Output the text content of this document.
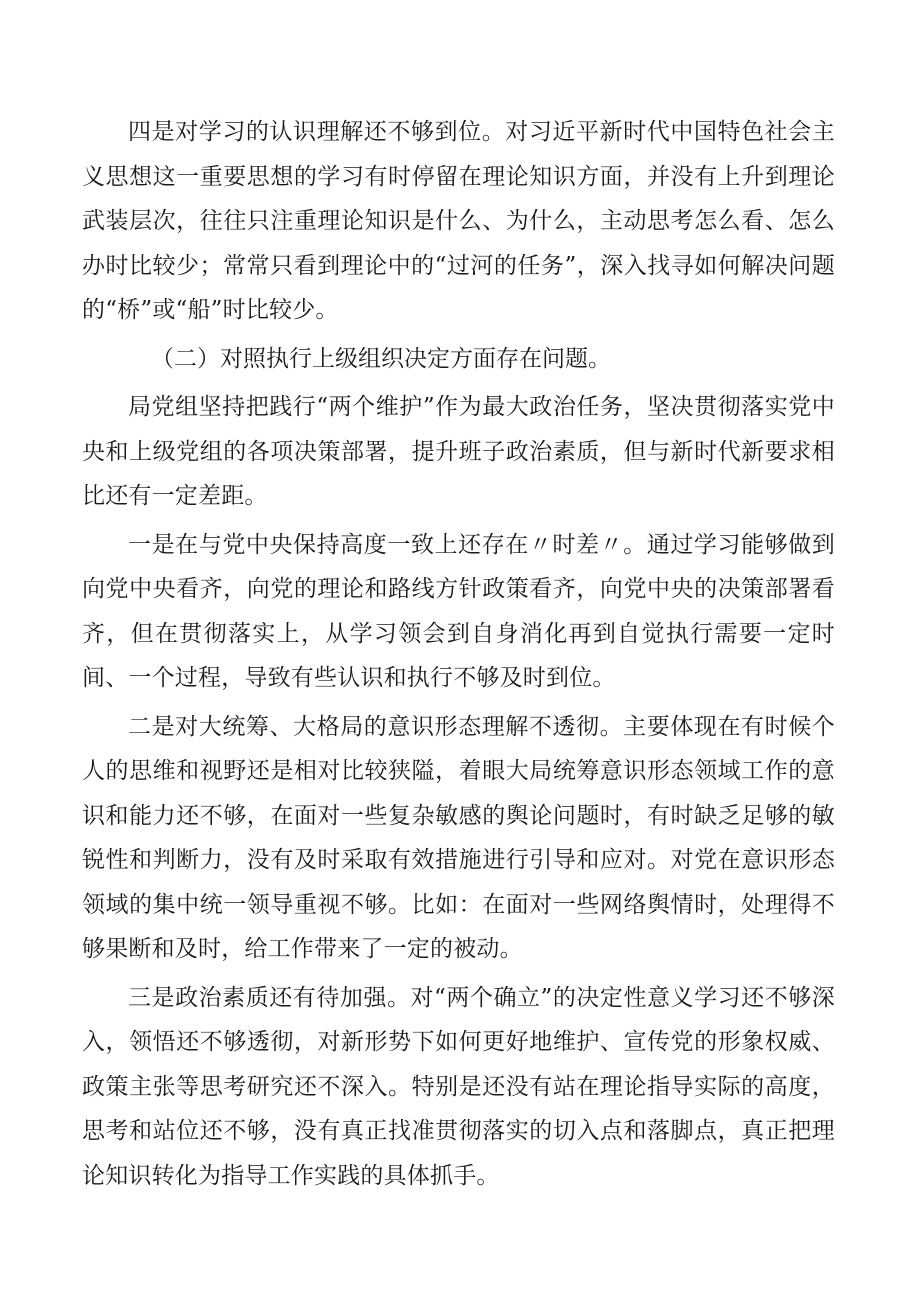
四是对学习的认识理解还不够到位。对习近平新时代中国特色社会主义思想这一重要思想的学习有时停留在理论知识方面，并没有上升到理论武装层次，往往只注重理论知识是什么、为什么，主动思考怎么看、怎么办时比较少；常常只看到理论中的“过河的任务”，深入找寻如何解决问题的“桥”或“船”时比较少。

（二）对照执行上级组织决定方面存在问题。

局党组坚持把践行“两个维护”作为最大政治任务，坚决贯彻落实党中央和上级党组的各项决策部署，提升班子政治素质，但与新时代新要求相比还有一定差距。

一是在与党中央保持高度一致上还存在〃时差〃。通过学习能够做到向党中央看齐，向党的理论和路线方针政策看齐，向党中央的决策部署看齐，但在贯彻落实上，从学习领会到自身消化再到自觉执行需要一定时间、一个过程，导致有些认识和执行不够及时到位。

二是对大统筹、大格局的意识形态理解不透彻。主要体现在有时候个人的思维和视野还是相对比较狭隘，着眼大局统筹意识形态领域工作的意识和能力还不够，在面对一些复杂敏感的舆论问题时，有时缺乏足够的敏锐性和判断力，没有及时采取有效措施进行引导和应对。对党在意识形态领域的集中统一领导重视不够。比如：在面对一些网络舆情时，处理得不够果断和及时，给工作带来了一定的被动。

三是政治素质还有待加强。对“两个确立”的决定性意义学习还不够深入，领悟还不够透彻，对新形势下如何更好地维护、宣传党的形象权威、政策主张等思考研究还不深入。特别是还没有站在理论指导实际的高度，思考和站位还不够，没有真正找准贯彻落实的切入点和落脚点，真正把理论知识转化为指导工作实践的具体抓手。
